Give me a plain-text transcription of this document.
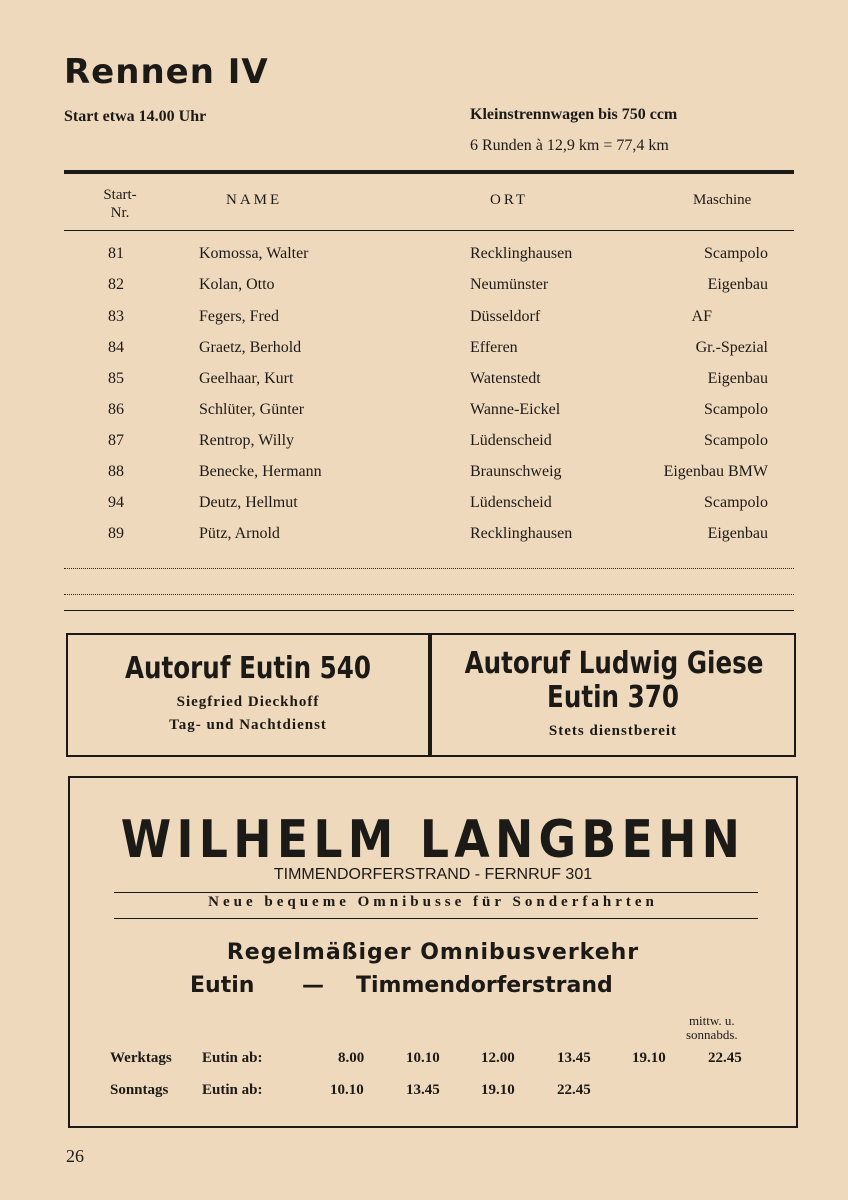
Rennen IV
Start etwa 14.00 Uhr	Kleinstrennwagen bis 750 ccm
6 Runden à 12,9 km = 77,4 km
Start-
Nr.
NAME	ORT	Maschine
81	Komossa, Walter	Recklinghausen	Scampolo
82	Kolan, Otto	Neumünster	Eigenbau
83	Fegers, Fred	Düsseldorf	AF
84	Graetz, Berhold	Efferen	Gr.-Spezial
85	Geelhaar, Kurt	Watenstedt	Eigenbau
86	Schlüter, Günter	Wanne-Eickel	Scampolo
87	Rentrop, Willy	Lüdenscheid	Scampolo
88	Benecke, Hermann	Braunschweig	Eigenbau BMW
94	Deutz, Hellmut	Lüdenscheid	Scampolo
89	Pütz, Arnold	Recklinghausen	Eigenbau
Autoruf Eutin 540
Siegfried Dieckhoff
Tag- und Nachtdienst
Autoruf Ludwig Giese
Eutin 370
Stets dienstbereit
WILHELM LANGBEHN
TIMMENDORFERSTRAND - FERNRUF 301
Neue bequeme Omnibusse für Sonderfahrten
Regelmäßiger Omnibusverkehr
Eutin — Timmendorferstrand
mittw. u.
sonnabds.
Werktags Eutin ab:	8.00	10.10	12.00	13.45	19.10	22.45
Sonntags Eutin ab:	10.10	13.45	19.10	22.45
26
